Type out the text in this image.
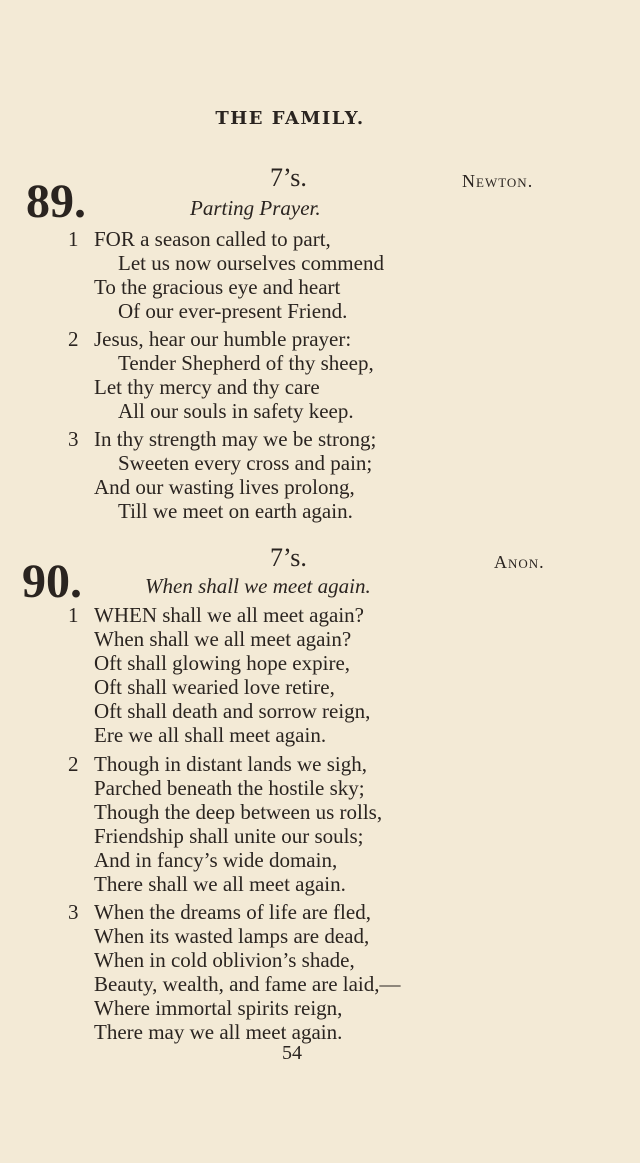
THE FAMILY.
89.	7’s.	Newton.
Parting Prayer.
1 FOR a season called to part,
Let us now ourselves commend
To the gracious eye and heart
Of our ever-present Friend.
2 Jesus, hear our humble prayer:
Tender Shepherd of thy sheep,
Let thy mercy and thy care
All our souls in safety keep.
3 In thy strength may we be strong;
Sweeten every cross and pain;
And our wasting lives prolong,
Till we meet on earth again.
90.	7’s.	Anon.
When shall we meet again.
1 WHEN shall we all meet again?
When shall we all meet again?
Oft shall glowing hope expire,
Oft shall wearied love retire,
Oft shall death and sorrow reign,
Ere we all shall meet again.
2 Though in distant lands we sigh,
Parched beneath the hostile sky;
Though the deep between us rolls,
Friendship shall unite our souls;
And in fancy’s wide domain,
There shall we all meet again.
3 When the dreams of life are fled,
When its wasted lamps are dead,
When in cold oblivion’s shade,
Beauty, wealth, and fame are laid,—
Where immortal spirits reign,
There may we all meet again.
54
